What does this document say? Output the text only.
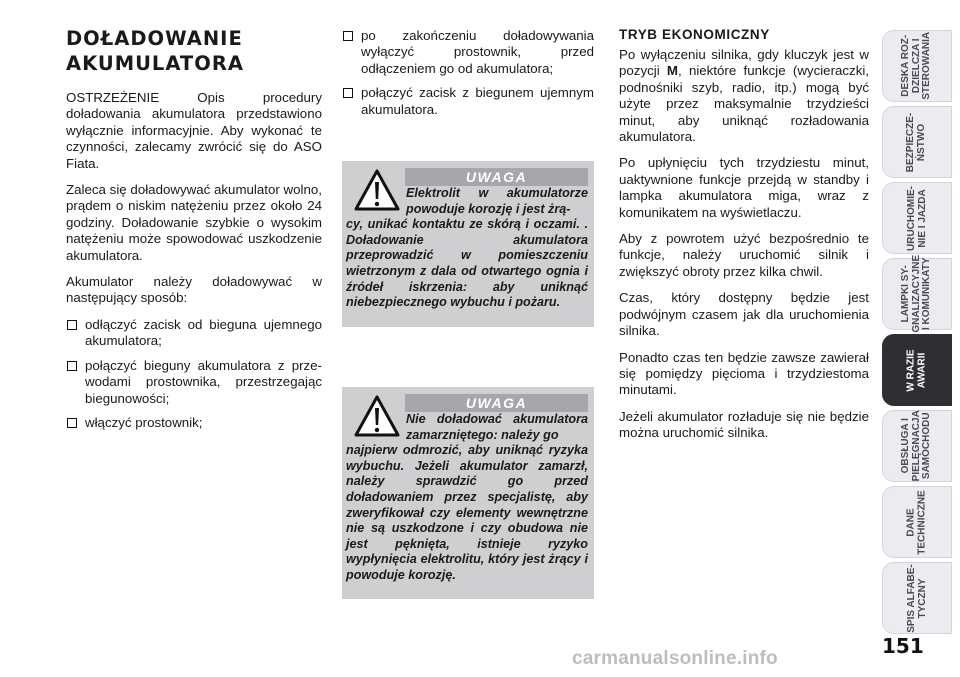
DOŁADOWANIE
AKUMULATORA

OSTRZEŻENIE Opis procedury doładowania akumulatora przedstawiono wyłącznie informacyjnie. Aby wykonać te czynności, zalecamy zwrócić się do ASO Fiata.

Zaleca się doładowywać akumulator wolno, prądem o niskim natężeniu przez około 24 godziny. Doładowanie szybkie o wysokim natężeniu może spowodować uszkodzenie akumulatora.

Akumulator należy doładowywać w następujący sposób:

odłączyć zacisk od bieguna ujemnego akumulatora;
połączyć bieguny akumulatora z prze-wodami prostownika, przestrzegając biegunowości;
włączyć prostownik;
po zakończeniu doładowywania wyłączyć prostownik, przed odłączeniem go od akumulatora;
połączyć zacisk z biegunem ujemnym akumulatora.
UWAGA
Elektrolit w akumulatorze powoduje korozję i jest żrą-
cy, unikać kontaktu ze skórą i oczami. . Doładowanie akumulatora przeprowadzić w pomieszczeniu wietrzonym z dala od otwartego ognia i źródeł iskrzenia: aby uniknąć niebezpiecznego wybuchu i pożaru.
UWAGA
Nie doładować akumulatora zamarzniętego: należy go
najpierw odmrozić, aby uniknąć ryzyka wybuchu. Jeżeli akumulator zamarzł, należy sprawdzić go przed doładowaniem przez specjalistę, aby zweryfikował czy elementy wewnętrzne nie są uszkodzone i czy obudowa nie jest pęknięta, istnieje ryzyko wypłynięcia elektrolitu, który jest żrący i powoduje korozję.
TRYB EKONOMICZNY

Po wyłączeniu silnika, gdy kluczyk jest w pozycji M, niektóre funkcje (wycieraczki, podnośniki szyb, radio, itp.) mogą być użyte przez maksymalnie trzydzieści minut, aby uniknąć rozładowania akumulatora.

Po upłynięciu tych trzydziestu minut, uaktywnione funkcje przejdą w standby i lampka akumulatora miga, wraz z komunikatem na wyświetlaczu.

Aby z powrotem użyć bezpośrednio te funkcje, należy uruchomić silnik i zwiększyć obroty przez kilka chwil.

Czas, który dostępny będzie jest podwójnym czasem jak dla uruchomienia silnika.

Ponadto czas ten będzie zawsze zawierał się pomiędzy pięcioma i trzydziestoma minutami.

Jeżeli akumulator rozładuje się nie będzie można uruchomić silnika.

DESKA ROZ-
DZIELCZA I
STEROWANIA
BEZPIECZE-
ŃSTWO
URUCHOMIE-
NIE I JAZDA
LAMPKI SY-
GNALIZACYJNE
I KOMUNIKATY
W RAZIE
AWARII
OBSŁUGA I
PIELĘGNACJA
SAMOCHODU
DANE
TECHNICZNE
SPIS ALFABE-
TYCZNY
151
carmanualsonline.info
